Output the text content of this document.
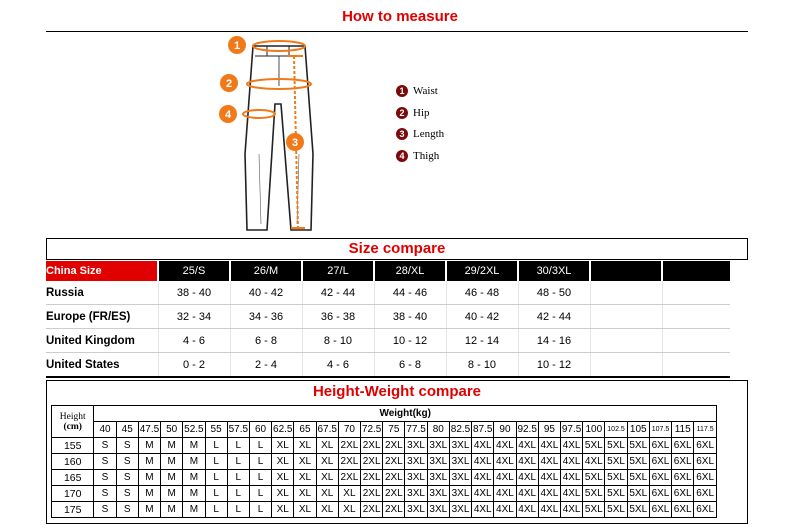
How to measure
1
2
4
3
1 Waist
2 Hip
3 Length
4 Thigh
Size compare
China Size	25/S	26/M	27/L	28/XL	29/2XL	30/3XL		
Russia	38 - 40	40 - 42	42 - 44	44 - 46	46 - 48	48 - 50		
Europe (FR/ES)	32 - 34	34 - 36	36 - 38	38 - 40	40 - 42	42 - 44		
United Kingdom	4 - 6	6 - 8	8 - 10	10 - 12	12 - 14	14 - 16		
United States	0 - 2	2 - 4	4 - 6	6 - 8	8 - 10	10 - 12		
Height-Weight compare
Height
(cm)	Weight(kg)																											
	40	45	47.5	50	52.5	55	57.5	60	62.5	65	67.5	70	72.5	75	77.5	80	82.5	87.5	90	92.5	95	97.5	100	102.5	105	107.5	115	117.5
155	S	S	M	M	M	L	L	L	XL	XL	XL	2XL	2XL	2XL	3XL	3XL	3XL	4XL	4XL	4XL	4XL	4XL	5XL	5XL	5XL	6XL	6XL	6XL
160	S	S	M	M	M	L	L	L	XL	XL	XL	2XL	2XL	2XL	3XL	3XL	3XL	4XL	4XL	4XL	4XL	4XL	4XL	5XL	5XL	6XL	6XL	6XL
165	S	S	M	M	M	L	L	L	XL	XL	XL	2XL	2XL	2XL	3XL	3XL	3XL	4XL	4XL	4XL	4XL	4XL	5XL	5XL	5XL	6XL	6XL	6XL
170	S	S	M	M	M	L	L	L	XL	XL	XL	XL	2XL	2XL	3XL	3XL	3XL	4XL	4XL	4XL	4XL	4XL	5XL	5XL	5XL	6XL	6XL	6XL
175	S	S	M	M	M	L	L	L	XL	XL	XL	XL	2XL	2XL	3XL	3XL	3XL	4XL	4XL	4XL	4XL	4XL	5XL	5XL	5XL	6XL	6XL	6XL
